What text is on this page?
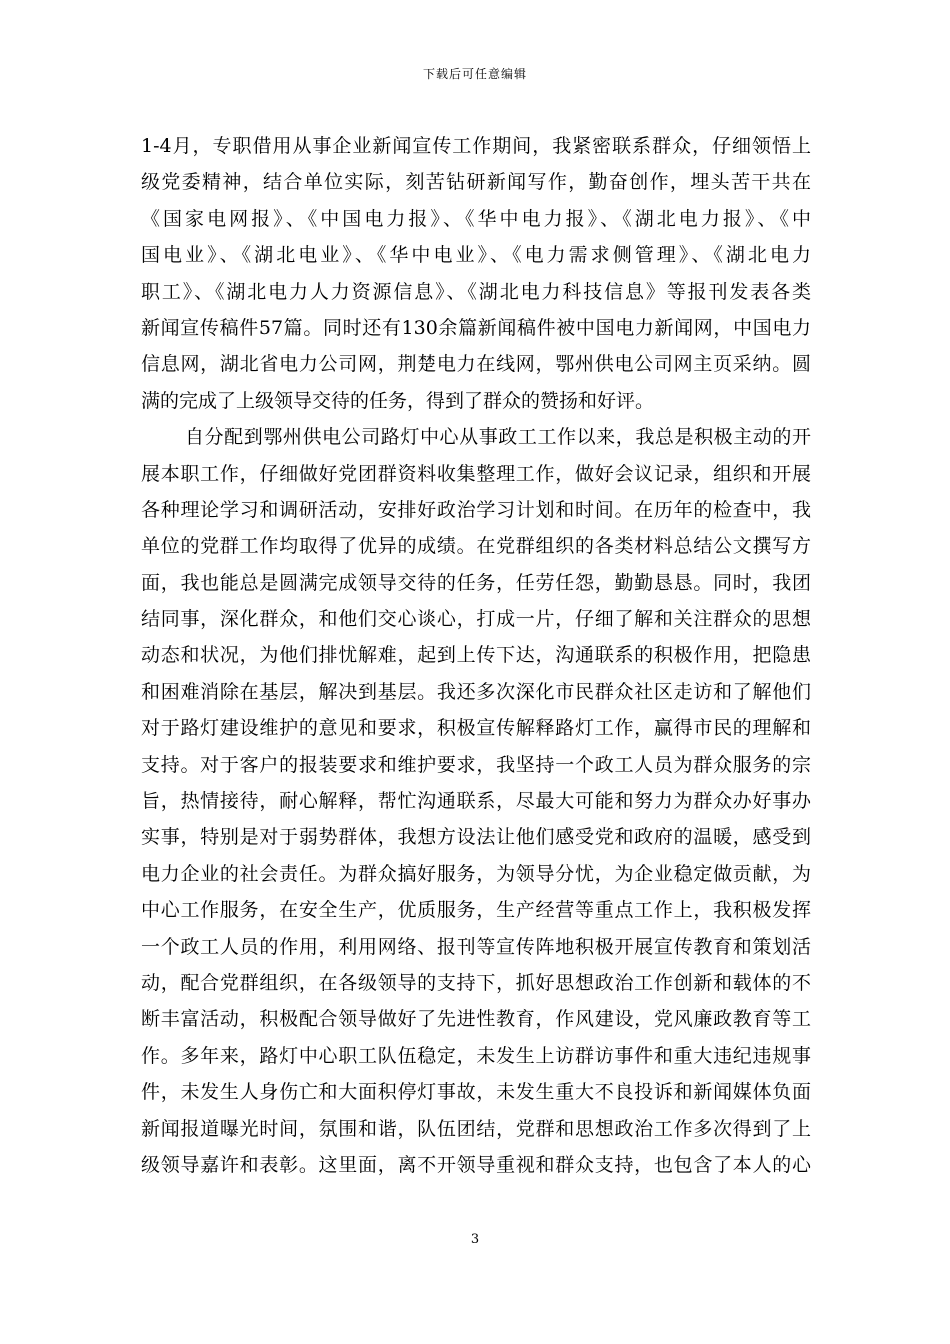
下载后可任意编辑
1-4月，专职借用从事企业新闻宣传工作期间，我紧密联系群众，仔细领悟上
级党委精神，结合单位实际，刻苦钻研新闻写作，勤奋创作，埋头苦干共在
《国家电网报》、《中国电力报》、《华中电力报》、《湖北电力报》、《中
国电业》、《湖北电业》、《华中电业》、《电力需求侧管理》、《湖北电力
职工》、《湖北电力人力资源信息》、《湖北电力科技信息》等报刊发表各类
新闻宣传稿件57篇。同时还有130余篇新闻稿件被中国电力新闻网，中国电力
信息网，湖北省电力公司网，荆楚电力在线网，鄂州供电公司网主页采纳。圆
满的完成了上级领导交待的任务，得到了群众的赞扬和好评。
自分配到鄂州供电公司路灯中心从事政工工作以来，我总是积极主动的开
展本职工作，仔细做好党团群资料收集整理工作，做好会议记录，组织和开展
各种理论学习和调研活动，安排好政治学习计划和时间。在历年的检查中，我
单位的党群工作均取得了优异的成绩。在党群组织的各类材料总结公文撰写方
面，我也能总是圆满完成领导交待的任务，任劳任怨，勤勤恳恳。同时，我团
结同事，深化群众，和他们交心谈心，打成一片，仔细了解和关注群众的思想
动态和状况，为他们排忧解难，起到上传下达，沟通联系的积极作用，把隐患
和困难消除在基层，解决到基层。我还多次深化市民群众社区走访和了解他们
对于路灯建设维护的意见和要求，积极宣传解释路灯工作，赢得市民的理解和
支持。对于客户的报装要求和维护要求，我坚持一个政工人员为群众服务的宗
旨，热情接待，耐心解释，帮忙沟通联系，尽最大可能和努力为群众办好事办
实事，特别是对于弱势群体，我想方设法让他们感受党和政府的温暖，感受到
电力企业的社会责任。为群众搞好服务，为领导分忧，为企业稳定做贡献，为
中心工作服务，在安全生产，优质服务，生产经营等重点工作上，我积极发挥
一个政工人员的作用，利用网络、报刊等宣传阵地积极开展宣传教育和策划活
动，配合党群组织，在各级领导的支持下，抓好思想政治工作创新和载体的不
断丰富活动，积极配合领导做好了先进性教育，作风建设，党风廉政教育等工
作。多年来，路灯中心职工队伍稳定，未发生上访群访事件和重大违纪违规事
件，未发生人身伤亡和大面积停灯事故，未发生重大不良投诉和新闻媒体负面
新闻报道曝光时间，氛围和谐，队伍团结，党群和思想政治工作多次得到了上
级领导嘉许和表彰。这里面，离不开领导重视和群众支持，也包含了本人的心
3
